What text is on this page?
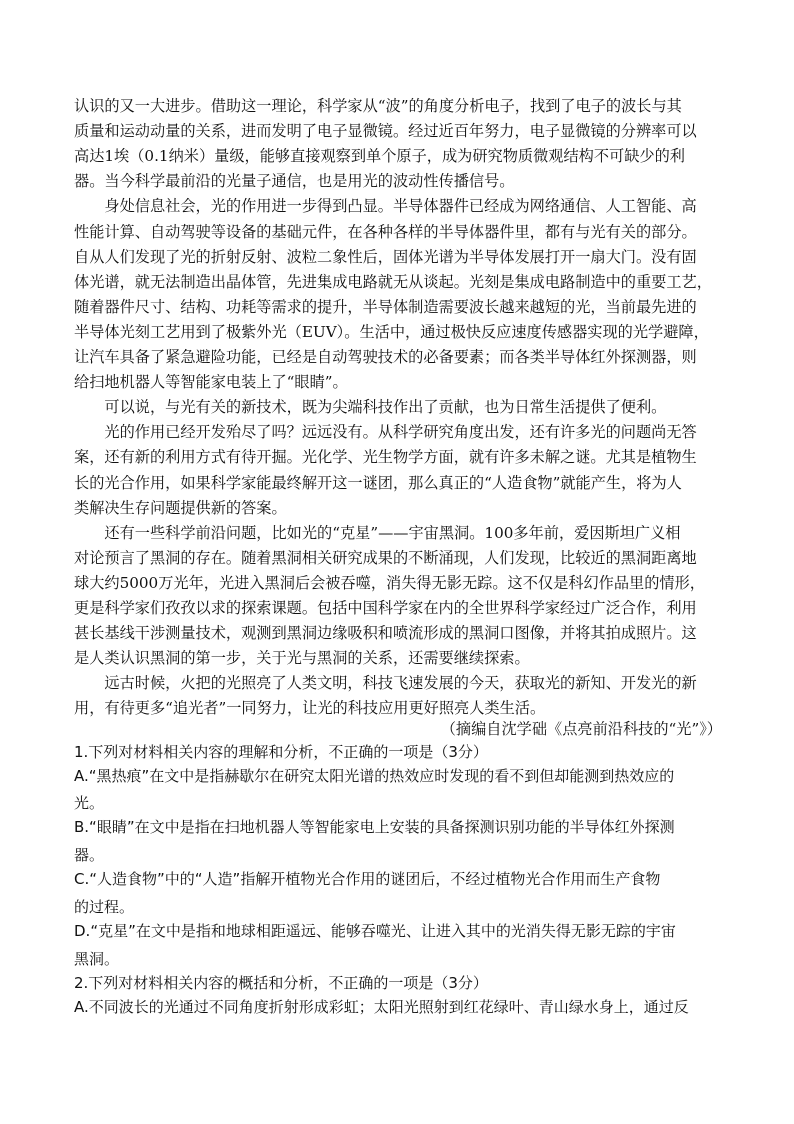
认识的又一大进步。借助这一理论，科学家从“波”的角度分析电子，找到了电子的波长与其
质量和运动动量的关系，进而发明了电子显微镜。经过近百年努力，电子显微镜的分辨率可以
高达1埃（0.1纳米）量级，能够直接观察到单个原子，成为研究物质微观结构不可缺少的利
器。当今科学最前沿的光量子通信，也是用光的波动性传播信号。
　　身处信息社会，光的作用进一步得到凸显。半导体器件已经成为网络通信、人工智能、高
性能计算、自动驾驶等设备的基础元件，在各种各样的半导体器件里，都有与光有关的部分。
自从人们发现了光的折射反射、波粒二象性后，固体光谱为半导体发展打开一扇大门。没有固
体光谱，就无法制造出晶体管，先进集成电路就无从谈起。光刻是集成电路制造中的重要工艺，
随着器件尺寸、结构、功耗等需求的提升，半导体制造需要波长越来越短的光，当前最先进的
半导体光刻工艺用到了极紫外光（EUV）。生活中，通过极快反应速度传感器实现的光学避障，
让汽车具备了紧急避险功能，已经是自动驾驶技术的必备要素；而各类半导体红外探测器，则
给扫地机器人等智能家电装上了“眼睛”。
　　可以说，与光有关的新技术，既为尖端科技作出了贡献，也为日常生活提供了便利。
　　光的作用已经开发殆尽了吗？远远没有。从科学研究角度出发，还有许多光的问题尚无答
案，还有新的利用方式有待开掘。光化学、光生物学方面，就有许多未解之谜。尤其是植物生
长的光合作用，如果科学家能最终解开这一谜团，那么真正的“人造食物”就能产生，将为人
类解决生存问题提供新的答案。
　　还有一些科学前沿问题，比如光的“克星”——宇宙黑洞。100多年前，爱因斯坦广义相
对论预言了黑洞的存在。随着黑洞相关研究成果的不断涌现，人们发现，比较近的黑洞距离地
球大约5000万光年，光进入黑洞后会被吞噬，消失得无影无踪。这不仅是科幻作品里的情形，
更是科学家们孜孜以求的探索课题。包括中国科学家在内的全世界科学家经过广泛合作，利用
甚长基线干涉测量技术，观测到黑洞边缘吸积和喷流形成的黑洞口图像，并将其拍成照片。这
是人类认识黑洞的第一步，关于光与黑洞的关系，还需要继续探索。
　　远古时候，火把的光照亮了人类文明，科技飞速发展的今天，获取光的新知、开发光的新
用，有待更多“追光者”一同努力，让光的科技应用更好照亮人类生活。
（摘编自沈学础《点亮前沿科技的“光”》）
1.下列对材料相关内容的理解和分析，不正确的一项是（3分）
A.“黑热痕”在文中是指赫歇尔在研究太阳光谱的热效应时发现的看不到但却能测到热效应的
光。
B.“眼睛”在文中是指在扫地机器人等智能家电上安装的具备探测识别功能的半导体红外探测
器。
C.“人造食物”中的“人造”指解开植物光合作用的谜团后，不经过植物光合作用而生产食物
的过程。
D.“克星”在文中是指和地球相距遥远、能够吞噬光、让进入其中的光消失得无影无踪的宇宙
黑洞。
2.下列对材料相关内容的概括和分析，不正确的一项是（3分）
A.不同波长的光通过不同角度折射形成彩虹；太阳光照射到红花绿叶、青山绿水身上，通过反
